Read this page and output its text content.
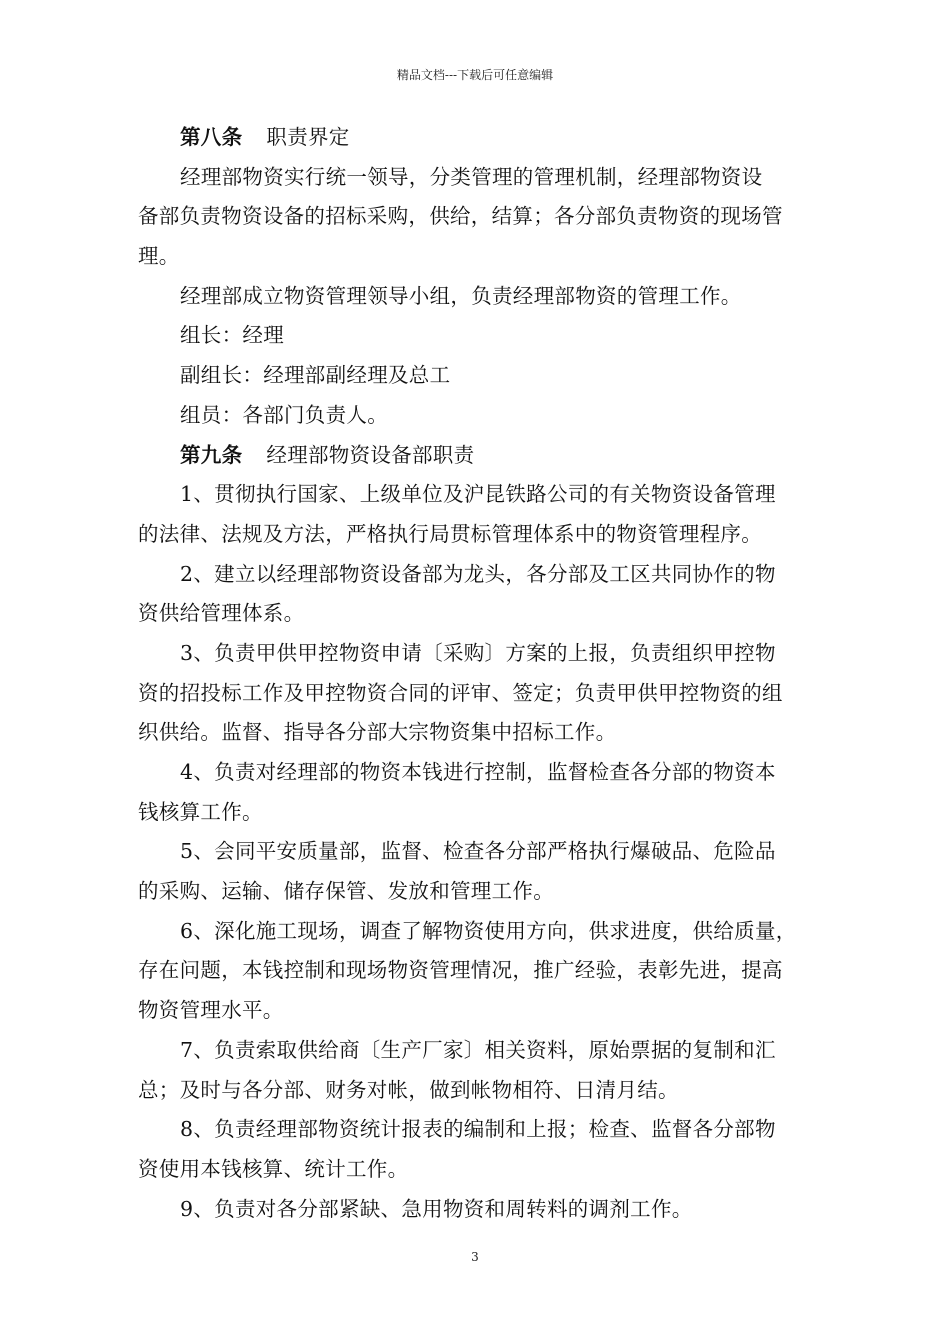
精品文档---下载后可任意编辑
第八条 职责界定
经理部物资实行统一领导，分类管理的管理机制，经理部物资设
备部负责物资设备的招标采购，供给，结算；各分部负责物资的现场管
理。
经理部成立物资管理领导小组，负责经理部物资的管理工作。
组长：经理
副组长：经理部副经理及总工
组员：各部门负责人。
第九条 经理部物资设备部职责
1、贯彻执行国家、上级单位及沪昆铁路公司的有关物资设备管理
的法律、法规及方法，严格执行局贯标管理体系中的物资管理程序。
2、建立以经理部物资设备部为龙头，各分部及工区共同协作的物
资供给管理体系。
3、负责甲供甲控物资申请〔采购〕方案的上报，负责组织甲控物
资的招投标工作及甲控物资合同的评审、签定；负责甲供甲控物资的组
织供给。监督、指导各分部大宗物资集中招标工作。
4、负责对经理部的物资本钱进行控制，监督检查各分部的物资本
钱核算工作。
5、会同平安质量部，监督、检查各分部严格执行爆破品、危险品
的采购、运输、储存保管、发放和管理工作。
6、深化施工现场，调查了解物资使用方向，供求进度，供给质量，
存在问题，本钱控制和现场物资管理情况，推广经验，表彰先进，提高
物资管理水平。
7、负责索取供给商〔生产厂家〕相关资料，原始票据的复制和汇
总；及时与各分部、财务对帐，做到帐物相符、日清月结。
8、负责经理部物资统计报表的编制和上报；检查、监督各分部物
资使用本钱核算、统计工作。
9、负责对各分部紧缺、急用物资和周转料的调剂工作。
3
